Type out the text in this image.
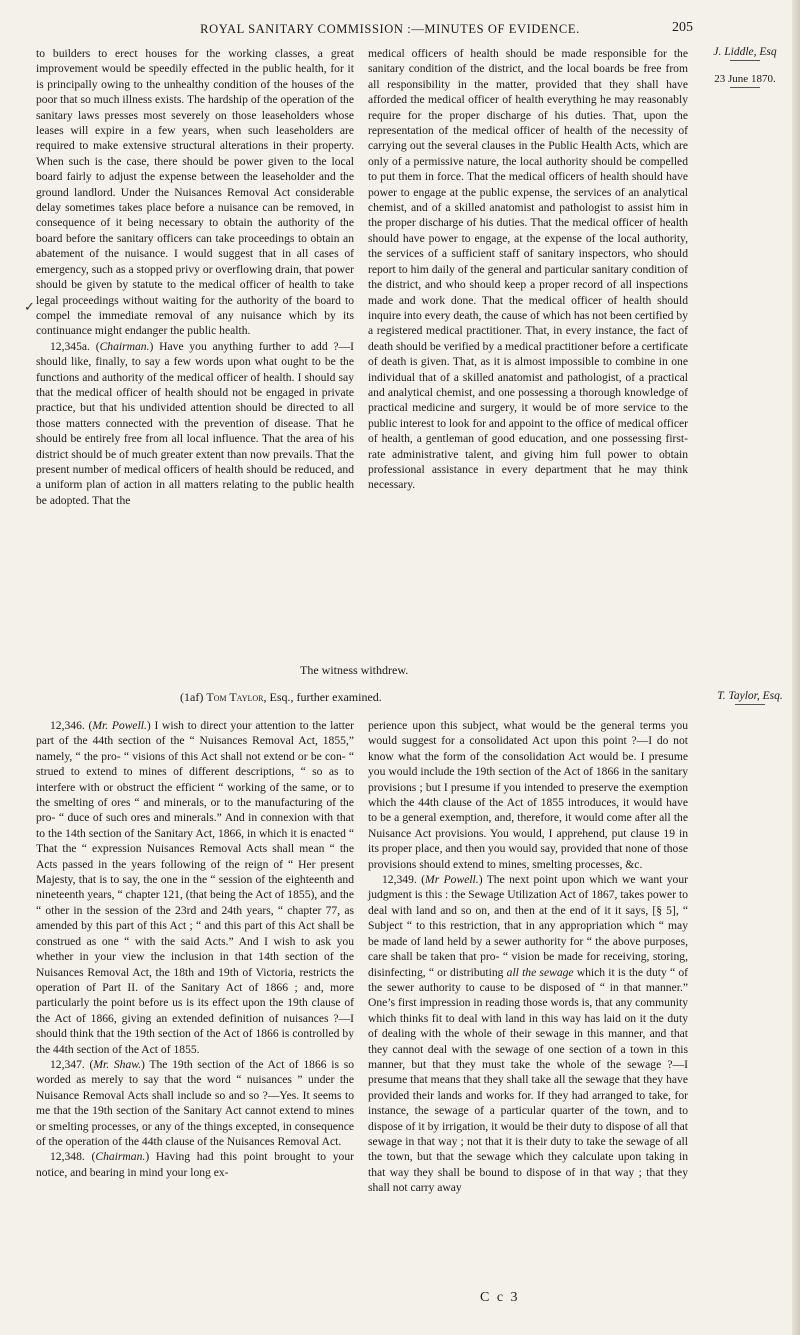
ROYAL SANITARY COMMISSION :—MINUTES OF EVIDENCE.	205
J. Liddle, Esq
23 June 1870.

to builders to erect houses for the working classes, a great improvement would be speedily effected in the public health, for it is principally owing to the unhealthy condition of the houses of the poor that so much illness exists. The hardship of the operation of the sanitary laws presses most severely on those leaseholders whose leases will expire in a few years, when such leaseholders are required to make extensive structural alterations in their property. When such is the case, there should be power given to the local board fairly to adjust the expense between the leaseholder and the ground landlord. Under the Nuisances Removal Act considerable delay sometimes takes place before a nuisance can be removed, in consequence of it being necessary to obtain the authority of the board before the sanitary officers can take proceedings to obtain an abatement of the nuisance. I would suggest that in all cases of emergency, such as a stopped privy or overflowing drain, that power should be given by statute to the medical officer of health to take legal proceedings without waiting for the authority of the board to compel the immediate removal of any nuisance which by its continuance might endanger the public health.

12,345a. (Chairman.) Have you anything further to add ?—I should like, finally, to say a few words upon what ought to be the functions and authority of the medical officer of health. I should say that the medical officer of health should not be engaged in private practice, but that his undivided attention should be directed to all those matters connected with the prevention of disease. That he should be entirely free from all local influence. That the area of his district should be of much greater extent than now prevails. That the present number of medical officers of health should be reduced, and a uniform plan of action in all matters relating to the public health be adopted. That the

medical officers of health should be made responsible for the sanitary condition of the district, and the local boards be free from all responsibility in the matter, provided that they shall have afforded the medical officer of health everything he may reasonably require for the proper discharge of his duties. That, upon the representation of the medical officer of health of the necessity of carrying out the several clauses in the Public Health Acts, which are only of a permissive nature, the local authority should be compelled to put them in force. That the medical officers of health should have power to engage at the public expense, the services of an analytical chemist, and of a skilled anatomist and pathologist to assist him in the proper discharge of his duties. That the medical officer of health should have power to engage, at the expense of the local authority, the services of a sufficient staff of sanitary inspectors, who should report to him daily of the general and particular sanitary condition of the district, and who should keep a proper record of all inspections made and work done. That the medical officer of health should inquire into every death, the cause of which has not been certified by a registered medical practitioner. That, in every instance, the fact of death should be verified by a medical practitioner before a certificate of death is given. That, as it is almost impossible to combine in one individual that of a skilled anatomist and pathologist, of a practical and analytical chemist, and one possessing a thorough knowledge of practical medicine and surgery, it would be of more service to the public interest to look for and appoint to the office of medical officer of health, a gentleman of good education, and one possessing first-rate administrative talent, and giving him full power to obtain professional assistance in every department that he may think necessary.

The witness withdrew.
(1af) Tom Taylor, Esq., further examined.	T. Taylor, Esq.

12,346. (Mr. Powell.) I wish to direct your attention to the latter part of the 44th section of the “ Nuisances Removal Act, 1855,” namely, “ the pro- “ visions of this Act shall not extend or be con- “ strued to extend to mines of different descriptions, “ so as to interfere with or obstruct the efficient “ working of the same, or to the smelting of ores “ and minerals, or to the manufacturing of the pro- “ duce of such ores and minerals.” And in connexion with that to the 14th section of the Sanitary Act, 1866, in which it is enacted “ That the “ expression Nuisances Removal Acts shall mean “ the Acts passed in the years following of the reign of “ Her present Majesty, that is to say, the one in the “ session of the eighteenth and nineteenth years, “ chapter 121, (that being the Act of 1855), and the “ other in the session of the 23rd and 24th years, “ chapter 77, as amended by this part of this Act ; “ and this part of this Act shall be construed as one “ with the said Acts.” And I wish to ask you whether in your view the inclusion in that 14th section of the Nuisances Removal Act, the 18th and 19th of Victoria, restricts the operation of Part II. of the Sanitary Act of 1866 ; and, more particularly the point before us is its effect upon the 19th clause of the Act of 1866, giving an extended definition of nuisances ?—I should think that the 19th section of the Act of 1866 is controlled by the 44th section of the Act of 1855.

12,347. (Mr. Shaw.) The 19th section of the Act of 1866 is so worded as merely to say that the word “ nuisances ” under the Nuisance Removal Acts shall include so and so ?—Yes. It seems to me that the 19th section of the Sanitary Act cannot extend to mines or smelting processes, or any of the things excepted, in consequence of the operation of the 44th clause of the Nuisances Removal Act.

12,348. (Chairman.) Having had this point brought to your notice, and bearing in mind your long ex-

perience upon this subject, what would be the general terms you would suggest for a consolidated Act upon this point ?—I do not know what the form of the consolidation Act would be. I presume you would include the 19th section of the Act of 1866 in the sanitary provisions ; but I presume if you intended to preserve the exemption which the 44th clause of the Act of 1855 introduces, it would have to be a general exemption, and, therefore, it would come after all the Nuisance Act provisions. You would, I apprehend, put clause 19 in its proper place, and then you would say, provided that none of those provisions should extend to mines, smelting processes, &c.

12,349. (Mr Powell.) The next point upon which we want your judgment is this : the Sewage Utilization Act of 1867, takes power to deal with land and so on, and then at the end of it it says, [§ 5], “ Subject “ to this restriction, that in any appropriation which “ may be made of land held by a sewer authority for “ the above purposes, care shall be taken that pro- “ vision be made for receiving, storing, disinfecting, “ or distributing all the sewage which it is the duty “ of the sewer authority to cause to be disposed of “ in that manner.” One’s first impression in reading those words is, that any community which thinks fit to deal with land in this way has laid on it the duty of dealing with the whole of their sewage in this manner, and that they cannot deal with the sewage of one section of a town in this manner, but that they must take the whole of the sewage ?—I presume that means that they shall take all the sewage that they have provided their lands and works for. If they had arranged to take, for instance, the sewage of a particular quarter of the town, and to dispose of it by irrigation, it would be their duty to dispose of all that sewage in that way ; not that it is their duty to take the sewage of all the town, but that the sewage which they calculate upon taking in that way they shall be bound to dispose of in that way ; that they shall not carry away

C c 3
✓
